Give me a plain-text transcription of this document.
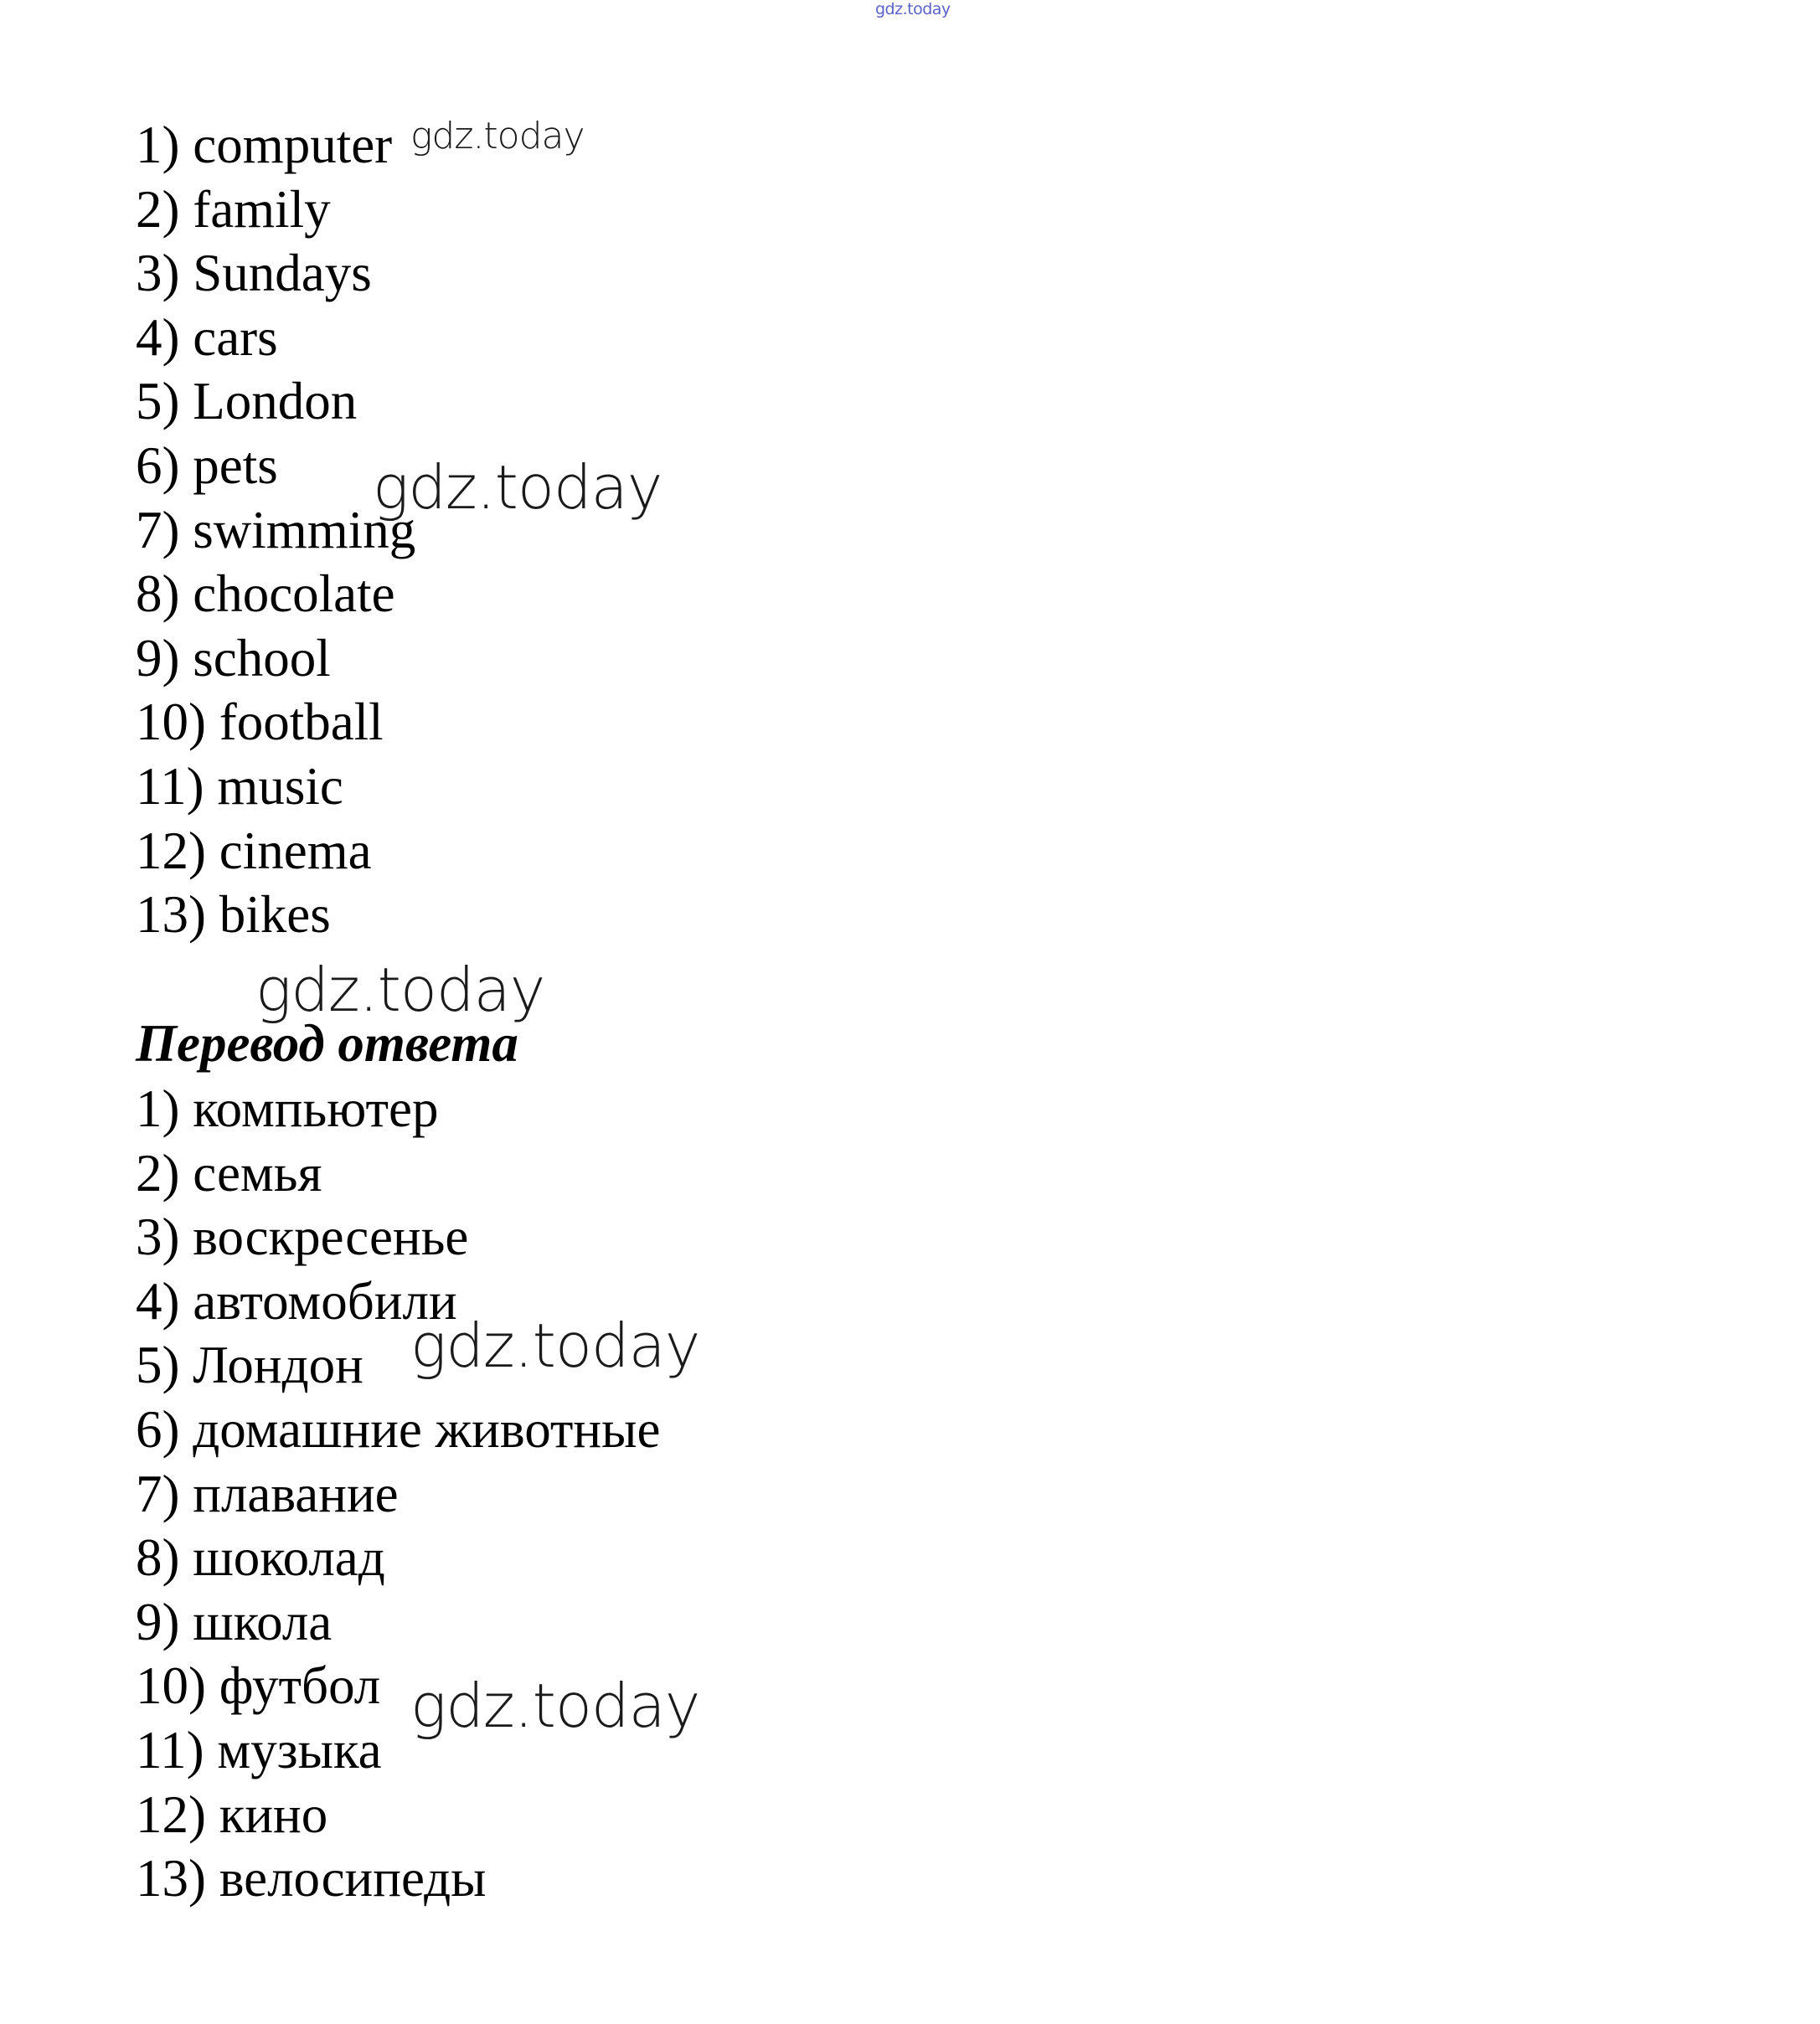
gdz.today
1) computer
2) family
3) Sundays
4) cars
5) London
6) pets
7) swimming
8) chocolate
9) school
10) football
11) music
12) cinema
13) bikes
Перевод ответа
1) компьютер
2) семья
3) воскресенье
4) автомобили
5) Лондон
6) домашние животные
7) плавание
8) шоколад
9) школа
10) футбол
11) музыка
12) кино
13) велосипеды
gdz.today
gdz.today
gdz.today
gdz.today
gdz.today
